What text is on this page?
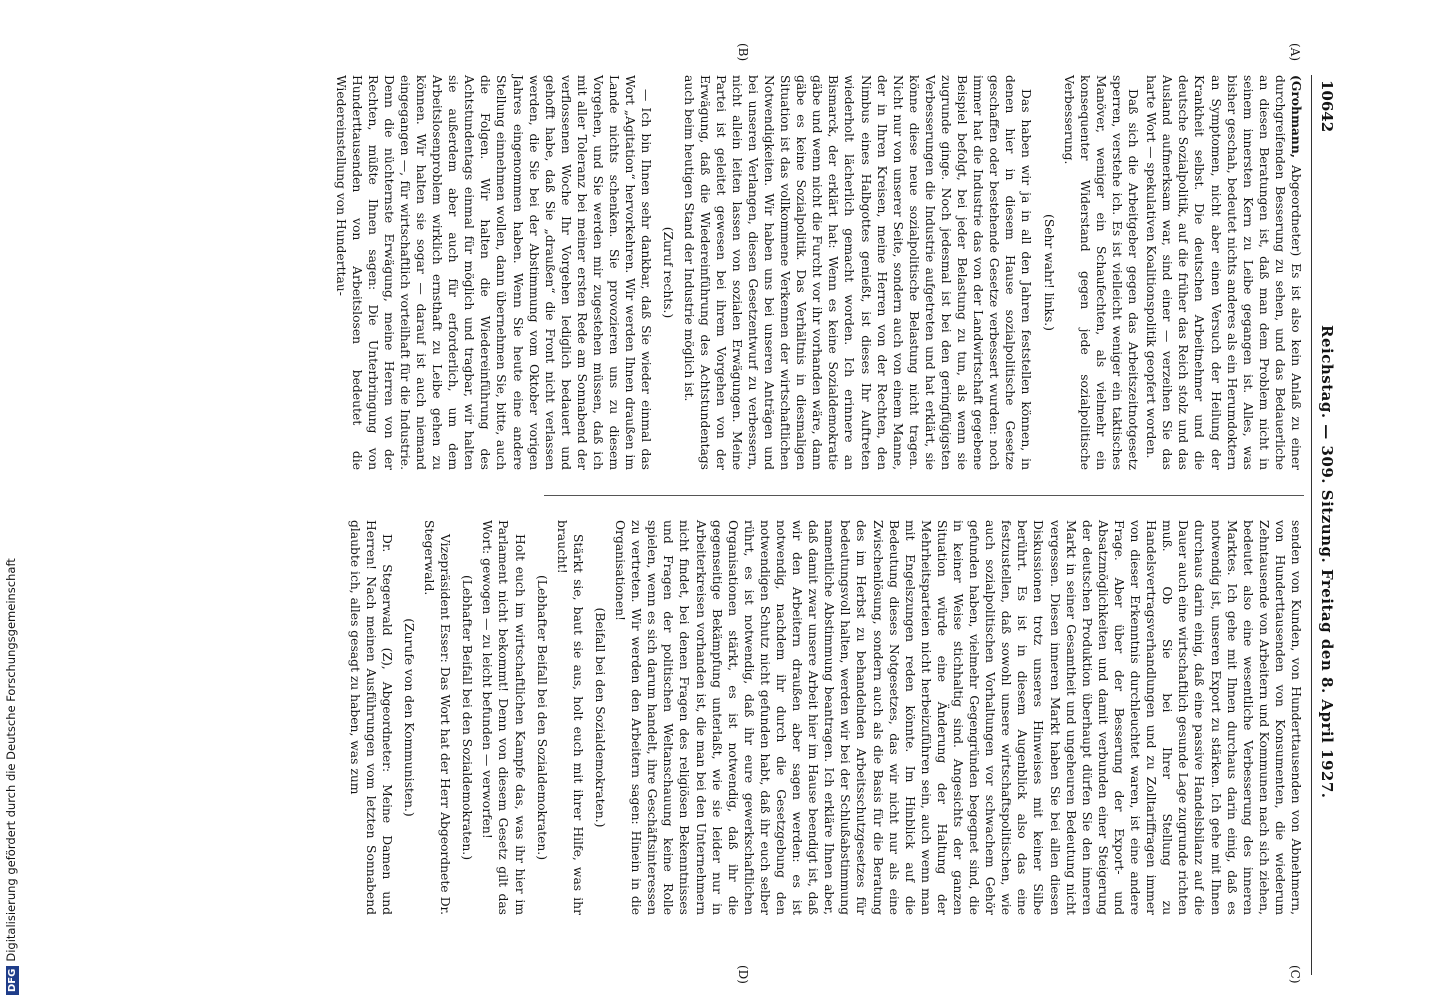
10642
Reichstag. — 309. Sitzung. Freitag den 8. April 1927.
(A)
(B)
(C)
(D)

(Grohmann, Abgeordneter) Es ist also kein Anlaß zu einer durchgreifenden Besserung zu sehen, und das Bedauerliche an diesen Beratungen ist, daß man dem Problem nicht in seinem innersten Kern zu Leibe gegangen ist. Alles, was bisher geschah, bedeutet nichts anderes als ein Herumdoktern an Symptomen, nicht aber einen Versuch der Heilung der Krankheit selbst. Die deutschen Arbeitnehmer und die deutsche Sozialpolitik, auf die früher das Reich stolz und das Ausland aufmerksam war, sind einer — verzeihen Sie das harte Wort — spekulativen Koalitionspolitik geopfert worden.

Daß sich die Arbeitgeber gegen das Arbeitszeitnotgesetz sperren, verstehe ich. Es ist vielleicht weniger ein taktisches Manöver, weniger ein Schaufechten, als vielmehr ein konsequenter Widerstand gegen jede sozialpolitische Verbesserung.

(Sehr wahr! links.)

Das haben wir ja in all den Jahren feststellen können, in denen hier in diesem Hause sozialpolitische Gesetze geschaffen oder bestehende Gesetze verbessert wurden: noch immer hat die Industrie das von der Landwirtschaft gegebene Beispiel befolgt, bei jeder Belastung zu tun, als wenn sie zugrunde ginge. Noch jedesmal ist bei den geringfügigsten Verbesserungen die Industrie aufgetreten und hat erklärt, sie könne diese neue sozialpolitische Belastung nicht tragen. Nicht nur von unserer Seite, sondern auch von einem Manne, der in Ihren Kreisen, meine Herren von der Rechten, den Nimbus eines Halbgottes genießt, ist dieses Ihr Auftreten wiederholt lächerlich gemacht worden. Ich erinnere an Bismarck, der erklärt hat: Wenn es keine Sozialdemokratie gäbe und wenn nicht die Furcht vor ihr vorhanden wäre, dann gäbe es keine Sozialpolitik. Das Verhältnis in diesmaligen Situation ist das vollkommene Verkennen der wirtschaftlichen Notwendigkeiten. Wir haben uns bei unseren Anträgen und bei unseren Verlangen, diesen Gesetzentwurf zu verbessern, nicht allein leiten lassen von sozialen Erwägungen. Meine Partei ist geleitet gewesen bei ihrem Vorgehen von der Erwägung, daß die Wiedereinführung des Achtstundentags auch beim heutigen Stand der Industrie möglich ist.

(Zuruf rechts.)

— Ich bin Ihnen sehr dankbar, daß Sie wieder einmal das Wort „Agitation“ hervorkehren. Wir werden Ihnen draußen im Lande nichts schenken. Sie provozieren uns zu diesem Vorgehen, und Sie werden mir zugestehen müssen, daß ich mit aller Toleranz bei meiner ersten Rede am Sonnabend der verflossenen Woche Ihr Vorgehen lediglich bedauert und gehofft habe, daß Sie „draußen“ die Front nicht verlassen werden, die Sie bei der Abstimmung vom Oktober vorigen Jahres eingenommen haben. Wenn Sie heute eine andere Stellung einnehmen wollen, dann übernehmen Sie, bitte, auch die Folgen. Wir halten die Wiedereinführung des Achtstundentags einmal für möglich und tragbar, wir halten sie außerdem aber auch für erforderlich, um dem Arbeitslosenproblem wirklich ernsthaft zu Leibe gehen zu können. Wir halten sie sogar — darauf ist auch niemand eingegangen —, für wirtschaftlich vorteilhaft für die Industrie. Denn die nüchternste Erwägung, meine Herren von der Rechten, müßte Ihnen sagen: Die Unterbringung von Hunderttausenden von Arbeitslosen bedeutet die Wiedereinstellung von Hunderttau-

senden von Kunden, von Hunderttausenden von Abnehmern, von Hunderttausenden von Konsumenten, die wiederum Zehntausende von Arbeitern und Kommunen nach sich ziehen, bedeutet also eine wesentliche Verbesserung des inneren Marktes. Ich gehe mit Ihnen durchaus darin einig, daß es notwendig ist, unseren Export zu stärken. Ich gehe mit Ihnen durchaus darin einig, daß eine passive Handelsbilanz auf die Dauer auch eine wirtschaftlich gesunde Lage zugrunde richten muß. Ob Sie bei Ihrer Stellung zu Handelsvertragsverhandlungen und zu Zolltariffragen immer von dieser Erkenntnis durchleuchtet waren, ist eine andere Frage. Aber über der Besserung der Export- und Absatzmöglichkeiten und damit verbunden einer Steigerung der deutschen Produktion überhaupt dürfen Sie den inneren Markt in seiner Gesamtheit und ungeheuren Bedeutung nicht vergessen. Diesen inneren Markt haben Sie bei allen diesen Diskussionen trotz unseres Hinweises mit keiner Silbe berührt. Es ist in diesem Augenblick also das eine festzustellen, daß sowohl unsere wirtschaftspolitischen, wie auch sozialpolitischen Vorhaltungen vor schwachem Gehör gefunden haben, vielmehr Gegengründen begegnet sind, die in keiner Weise stichhaltig sind. Angesichts der ganzen Situation würde eine Änderung der Haltung der Mehrheitsparteien nicht herbeizuführen sein, auch wenn man mit Engelszungen reden könnte. Im Hinblick auf die Bedeutung dieses Notgesetzes, das wir nicht nur als eine Zwischenlösung, sondern auch als die Basis für die Beratung des im Herbst zu behandelnden Arbeitsschutzgesetzes für bedeutungsvoll halten, werden wir bei der Schlußabstimmung namentliche Abstimmung beantragen. Ich erkläre Ihnen aber, daß damit zwar unsere Arbeit hier im Hause beendigt ist, daß wir den Arbeitern draußen aber sagen werden: es ist notwendig, nachdem ihr durch die Gesetzgebung den notwendigen Schutz nicht gefunden habt, daß ihr euch selber rührt, es ist notwendig, daß ihr eure gewerkschaftlichen Organisationen stärkt, es ist notwendig, daß ihr die gegenseitige Bekämpfung unterlaßt, wie sie leider nur in Arbeiterkreisen vorhanden ist, die man bei den Unternehmern nicht findet, bei denen Fragen des religiösen Bekenntnisses und Fragen der politischen Weltanschauung keine Rolle spielen, wenn es sich darum handelt, ihre Geschäftsinteressen zu vertreten. Wir werden den Arbeitern sagen: Hinein in die Organisationen!

(Beifall bei den Sozialdemokraten.)

Stärkt sie, baut sie aus, holt euch mit ihrer Hilfe, was ihr braucht!

(Lebhafter Beifall bei den Sozialdemokraten.)

Holt euch im wirtschaftlichen Kampfe das, was ihr hier im Parlament nicht bekommt! Denn von diesem Gesetz gilt das Wort: gewogen — zu leicht befunden — verworfen!

(Lebhafter Beifall bei den Sozialdemokraten.)

Vizepräsident Esser: Das Wort hat der Herr Abgeordnete Dr. Stegerwald.

(Zurufe von den Kommunisten.)

Dr. Stegerwald (Z), Abgeordneter: Meine Damen und Herren! Nach meinen Ausführungen vom letzten Sonnabend glaubte ich, alles gesagt zu haben, was zum

DFGDigitalisierung gefördert durch die Deutsche Forschungsgemeinschaft
